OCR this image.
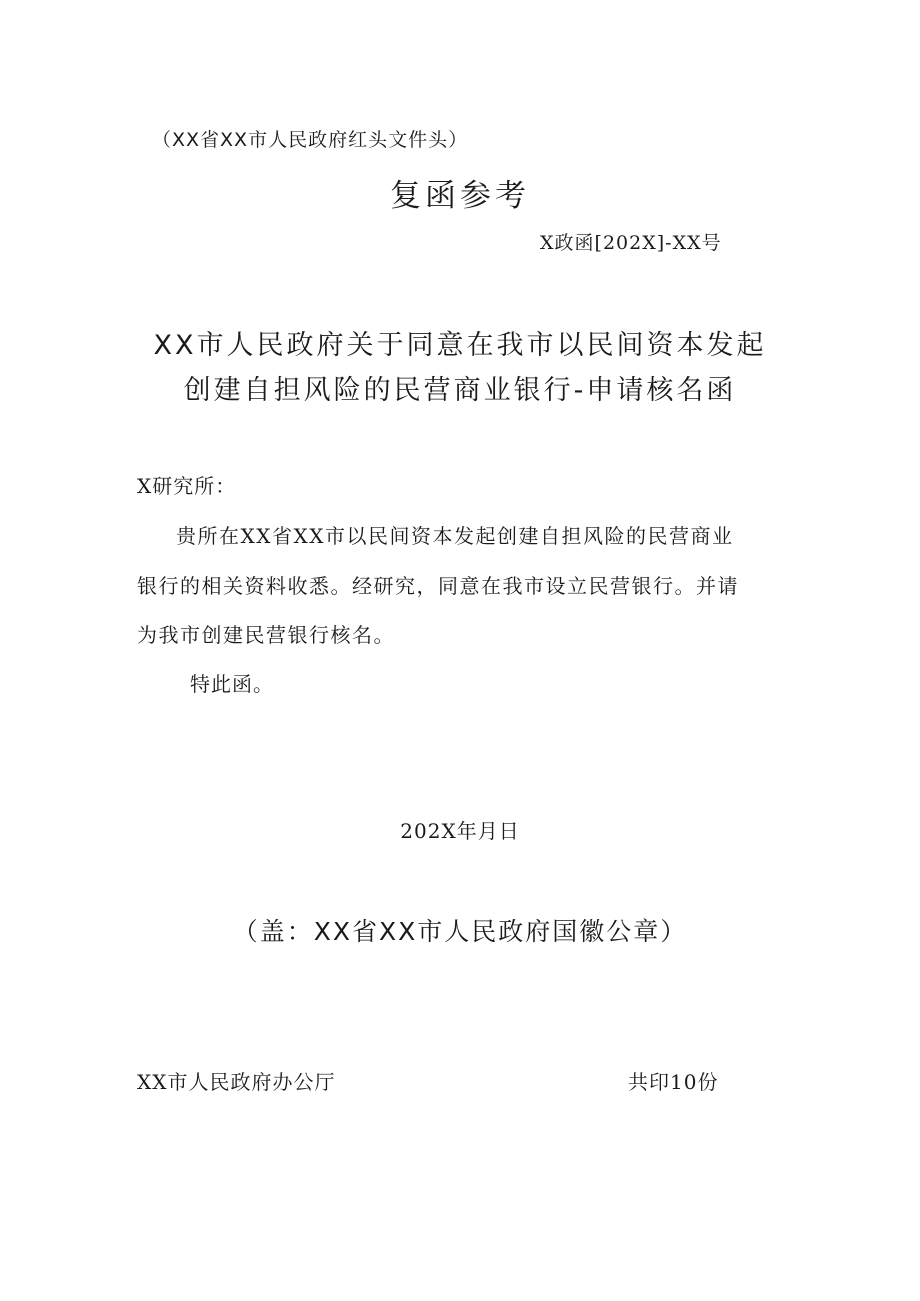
（XX省XX市人民政府红头文件头）
复函参考
X政函[202X]-XX号
XX市人民政府关于同意在我市以民间资本发起
创建自担风险的民营商业银行-申请核名函
X研究所：
贵所在XX省XX市以民间资本发起创建自担风险的民营商业
银行的相关资料收悉。经研究，同意在我市设立民营银行。并请
为我市创建民营银行核名。
特此函。
202X年月日
（盖：XX省XX市人民政府国徽公章）
XX市人民政府办公厅	共印10份
